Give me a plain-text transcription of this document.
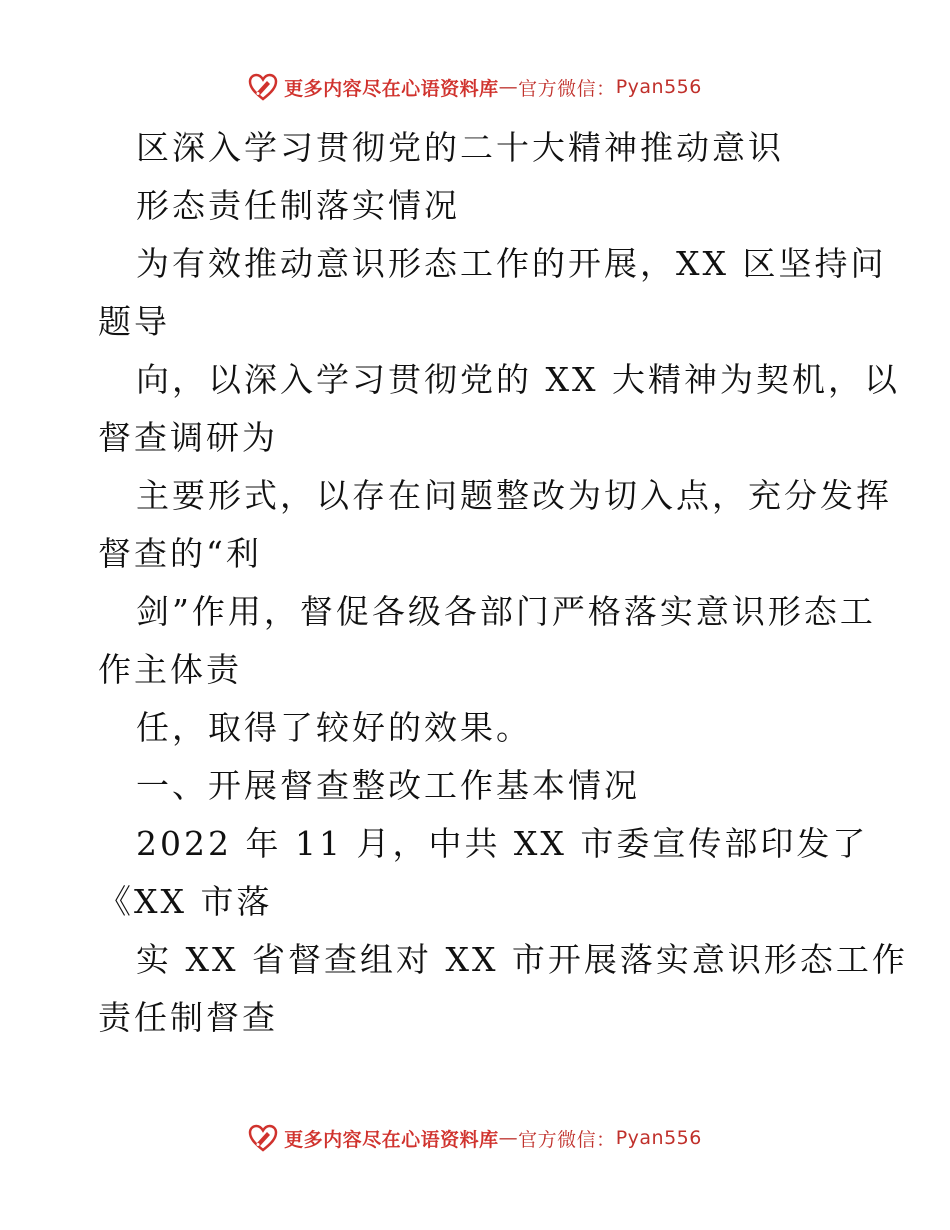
更多内容尽在心语资料库 — 官方微信： Pyan556
区深入学习贯彻党的二十大精神推动意识
形态责任制落实情况
为有效推动意识形态工作的开展，XX 区坚持问
题导
向，以深入学习贯彻党的 XX 大精神为契机，以
督查调研为
主要形式，以存在问题整改为切入点，充分发挥
督查的“利
剑”作用，督促各级各部门严格落实意识形态工
作主体责
任，取得了较好的效果。
一、开展督查整改工作基本情况
2022 年 11 月，中共 XX 市委宣传部印发了
《XX 市落
实 XX 省督查组对 XX 市开展落实意识形态工作
责任制督查
更多内容尽在心语资料库 — 官方微信： Pyan556
